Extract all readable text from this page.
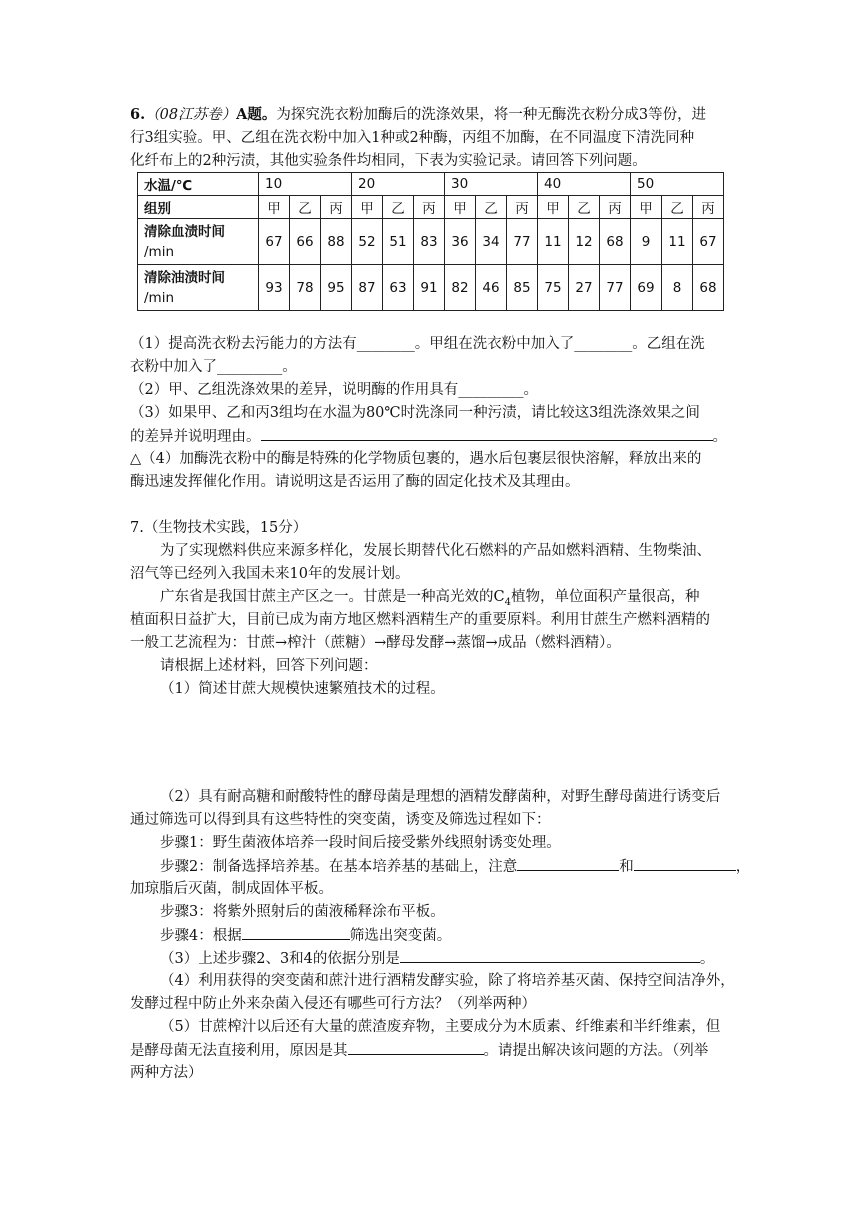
6.（08江苏卷）A题。为探究洗衣粉加酶后的洗涤效果，将一种无酶洗衣粉分成3等份，进
行3组实验。甲、乙组在洗衣粉中加入1种或2种酶，丙组不加酶，在不同温度下清洗同种
化纤布上的2种污渍，其他实验条件均相同，下表为实验记录。请回答下列问题。
水温/℃	10			20			30			40			50		
组别	甲	乙	丙	甲	乙	丙	甲	乙	丙	甲	乙	丙	甲	乙	丙

清除血渍时间
/min	67	66	88	52	51	83	36	34	77	11	12	68	9	11	67

清除油渍时间
/min	93	78	95	87	63	91	82	46	85	75	27	77	69	8	68
（1）提高洗衣粉去污能力的方法有________。甲组在洗衣粉中加入了________。乙组在洗
衣粉中加入了_________。
（2）甲、乙组洗涤效果的差异，说明酶的作用具有_________。
（3）如果甲、乙和丙3组均在水温为80℃时洗涤同一种污渍，请比较这3组洗涤效果之间
的差异并说明理由。	。
△（4）加酶洗衣粉中的酶是特殊的化学物质包裹的，遇水后包裹层很快溶解，释放出来的
酶迅速发挥催化作用。请说明这是否运用了酶的固定化技术及其理由。
7.（生物技术实践，15分）
为了实现燃料供应来源多样化，发展长期替代化石燃料的产品如燃料酒精、生物柴油、
沼气等已经列入我国未来10年的发展计划。
广东省是我国甘蔗主产区之一。甘蔗是一种高光效的$C_4$植物，单位面积产量很高，种
植面积日益扩大，目前已成为南方地区燃料酒精生产的重要原料。利用甘蔗生产燃料酒精的
一般工艺流程为：甘蔗→榨汁（蔗糖）→酵母发酵→蒸馏→成品（燃料酒精）。
请根据上述材料，回答下列问题：
（1）简述甘蔗大规模快速繁殖技术的过程。
（2）具有耐高糖和耐酸特性的酵母菌是理想的酒精发酵菌种，对野生酵母菌进行诱变后
通过筛选可以得到具有这些特性的突变菌，诱变及筛选过程如下：
步骤1：野生菌液体培养一段时间后接受紫外线照射诱变处理。
步骤2：制备选择培养基。在基本培养基的基础上，注意	和	，
加琼脂后灭菌，制成固体平板。
步骤3：将紫外照射后的菌液稀释涂布平板。
步骤4：根据	筛选出突变菌。
（3）上述步骤2、3和4的依据分别是	。
（4）利用获得的突变菌和蔗汁进行酒精发酵实验，除了将培养基灭菌、保持空间洁净外，
发酵过程中防止外来杂菌入侵还有哪些可行方法？（列举两种）
（5）甘蔗榨汁以后还有大量的蔗渣废弃物，主要成分为木质素、纤维素和半纤维素，但
是酵母菌无法直接利用，原因是其	。请提出解决该问题的方法。（列举
两种方法）
